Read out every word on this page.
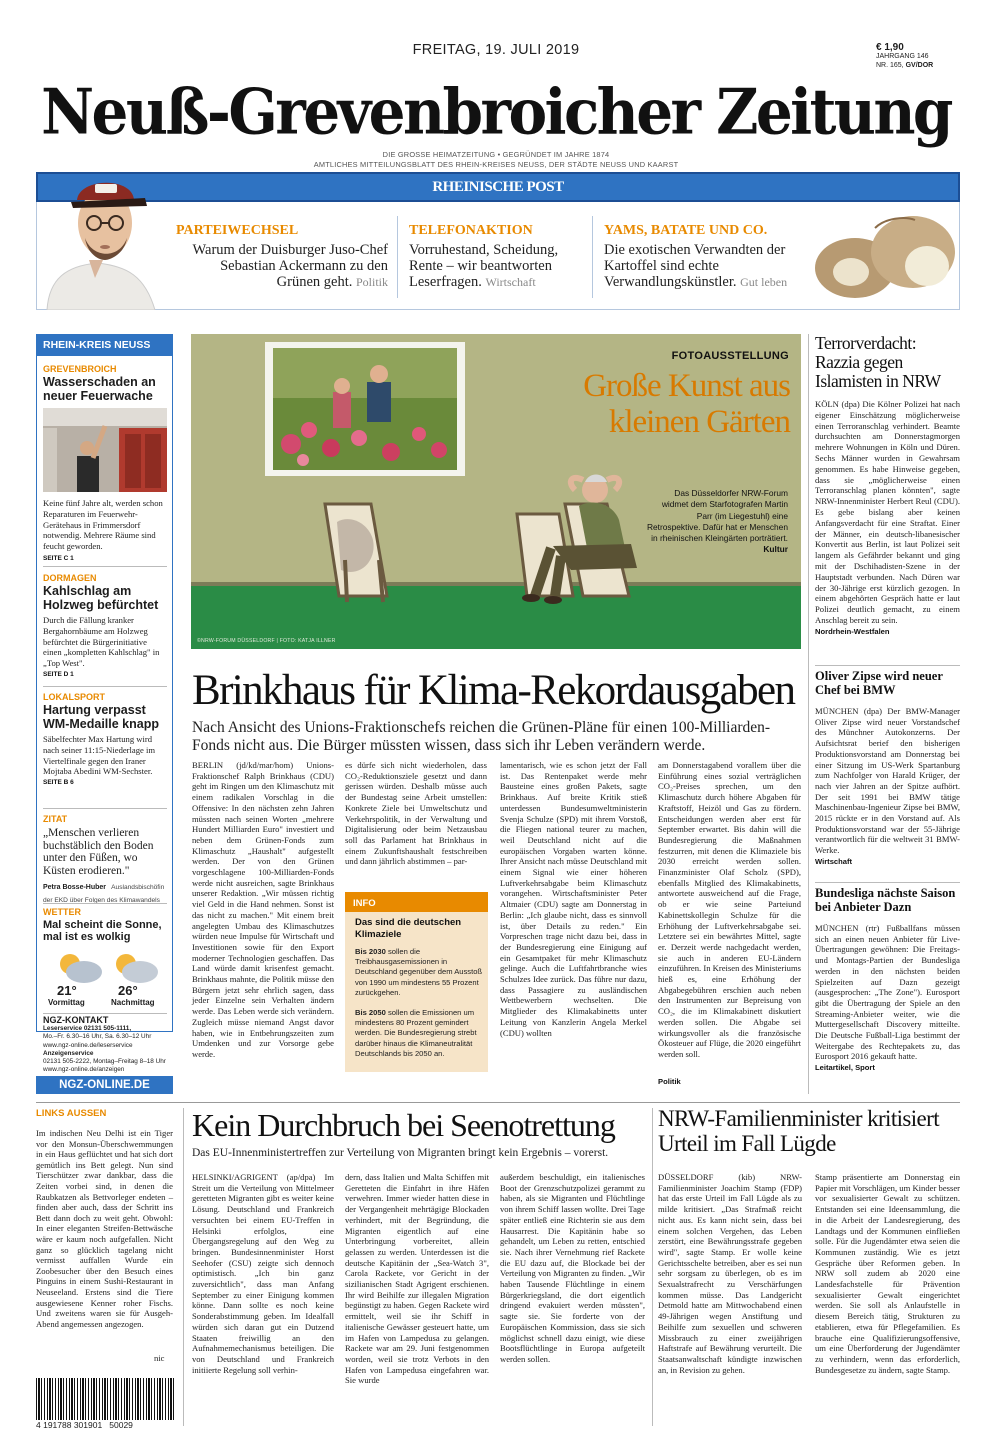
FREITAG, 19. JULI 2019	€ 1,90
JAHRGANG 146
NR. 165, GV/DOR
Neuß-Grevenbroicher Zeitung
DIE GROSSE HEIMATZEITUNG • GEGRÜNDET IM JAHRE 1874
AMTLICHES MITTEILUNGSBLATT DES RHEIN-KREISES NEUSS, DER STÄDTE NEUSS UND KAARST
RHEINISCHE POST
PARTEIWECHSEL
Warum der Duisburger Juso-Chef Sebastian Ackermann zu den Grünen geht. Politik
TELEFONAKTION
Vorruhestand, Scheidung, Rente – wir beantworten Leserfragen. Wirtschaft
YAMS, BATATE UND CO.
Die exotischen Verwandten der Kartoffel sind echte Verwandlungskünstler. Gut leben
RHEIN-KREIS NEUSS
GREVENBROICH
Wasserschaden an neuer Feuerwache
Keine fünf Jahre alt, werden schon Reparaturen im Feuerwehr-Gerätehaus in Frimmersdorf notwendig. Mehrere Räume sind feucht geworden.
SEITE C 1
DORMAGEN
Kahlschlag am Holzweg befürchtet
Durch die Fällung kranker Bergahornbäume am Holzweg befürchtet die Bürgerinitiative einen „kompletten Kahlschlag" in „Top West".
SEITE D 1
LOKALSPORT
Hartung verpasst WM-Medaille knapp
Säbelfechter Max Hartung wird nach seiner 11:15-Niederlage im Viertelfinale gegen den Iraner Mojtaba Abedini WM-Sechster.
SEITE B 6
ZITAT
„Menschen verlieren buchstäblich den Boden unter den Füßen, wo Küsten erodieren."
Petra Bosse-Huber Auslandsbischöfin der EKD über Folgen des Klimawandels
WETTER
Mal scheint die Sonne, mal ist es wolkig
21°	26°
Vormittag	Nachmittag
NGZ-KONTAKT
Leserservice 02131 505-1111,
Mo.–Fr. 6.30–16 Uhr, Sa. 6.30–12 Uhr
www.ngz-online.de/leserservice
Anzeigenservice
02131 505-2222, Montag–Freitag 8–18 Uhr
www.ngz-online.de/anzeigen
NGZ-ONLINE.DE
FOTOAUSSTELLUNG
Große Kunst aus
kleinen Gärten
Das Düsseldorfer NRW-Forum widmet dem Starfotografen Martin Parr (im Liegestuhl) eine Retrospektive. Dafür hat er Menschen in rheinischen Kleingärten porträtiert. Kultur
©NRW-FORUM DÜSSELDORF | FOTO: KATJA ILLNER
Brinkhaus für Klima-Rekordausgaben
Nach Ansicht des Unions-Fraktionschefs reichen die Grünen-Pläne für einen 100-Milliarden-Fonds nicht aus. Die Bürger müssten wissen, dass sich ihr Leben verändern werde.

BERLIN (jd/kd/mar/hom) Unions-Fraktionschef Ralph Brinkhaus (CDU) geht im Ringen um den Klimaschutz mit einem radikalen Vorschlag in die Offensive: In den nächsten zehn Jahren müssten nach seinen Worten „mehrere Hundert Milliarden Euro" investiert und neben dem Grünen-Fonds zum Klimaschutz „Haushalt" aufgestellt werden. Der von den Grünen vorgeschlagene 100-Milliarden-Fonds werde nicht ausreichen, sagte Brinkhaus unserer Redaktion. „Wir müssen richtig viel Geld in die Hand nehmen. Sonst ist das nicht zu machen." Mit einem breit angelegten Umbau des Klimaschutzes würden neue Impulse für Wirtschaft und Investitionen sowie für den Export moderner Technologien geschaffen. Das Land würde damit krisenfest gemacht. Brinkhaus mahnte, die Politik müsse den Bürgern jetzt sehr ehrlich sagen, dass jeder Einzelne sein Verhalten ändern werde. Das Leben werde sich verändern. Zugleich müsse niemand Angst davor haben, wie in Entbehrungszeiten zum Umdenken und zur Vorsorge gebe werde.

es dürfe sich nicht wiederholen, dass CO₂-Reduktionsziele gesetzt und dann gerissen würden. Deshalb müsse auch der Bundestag seine Arbeit umstellen: Konkrete Ziele bei Umweltschutz und Verkehrspolitik, in der Verwaltung und Digitalisierung oder beim Netzausbau soll das Parlament hat Brinkhaus in einem Zukunftshaushalt festschreiben und dann jährlich abstimmen – par-

INFO
Das sind die deutschen Klimaziele
Bis 2030 sollen die Treibhausgasemissionen in Deutschland gegenüber dem Ausstoß von 1990 um mindestens 55 Prozent zurückgehen.
Bis 2050 sollen die Emissionen um mindestens 80 Prozent gemindert werden. Die Bundesregierung strebt darüber hinaus die Klimaneutralität Deutschlands bis 2050 an.

lamentarisch, wie es schon jetzt der Fall ist. Das Rentenpaket werde mehr Bausteine eines großen Pakets, sagte Brinkhaus. Auf breite Kritik stieß unterdessen Bundesumweltministerin Svenja Schulze (SPD) mit ihrem Vorstoß, die Fliegen national teurer zu machen, weil Deutschland nicht auf die europäischen Vorgaben warten könne. Ihrer Ansicht nach müsse Deutschland mit einem Signal wie einer höheren Luftverkehrsabgabe beim Klimaschutz vorangehen. Wirtschaftsminister Peter Altmaier (CDU) sagte am Donnerstag in Berlin: „Ich glaube nicht, dass es sinnvoll ist, über Details zu reden." Ein Vorpreschen trage nicht dazu bei, dass in der Bundesregierung eine Einigung auf ein Gesamtpaket für mehr Klimaschutz gelinge. Auch die Luftfahrtbranche wies Schulzes Idee zurück. Das führe nur dazu, dass Passagiere zu ausländischen Wettbewerbern wechselten. Die Mitglieder des Klimakabinetts unter Leitung von Kanzlerin Angela Merkel (CDU) wollten

am Donnerstagabend vorallem über die Einführung eines sozial verträglichen CO₂-Preises sprechen, um den Klimaschutz durch höhere Abgaben für Kraftstoff, Heizöl und Gas zu fördern. Entscheidungen werden aber erst für September erwartet. Bis dahin will die Bundesregierung die Maßnahmen festzurren, mit denen die Klimaziele bis 2030 erreicht werden sollen. Finanzminister Olaf Scholz (SPD), ebenfalls Mitglied des Klimakabinetts, antwortete ausweichend auf die Frage, ob er wie seine Parteiund Kabinettskollegin Schulze für die Erhöhung der Luftverkehrsabgabe sei. Letztere sei ein bewährtes Mittel, sagte er. Derzeit werde nachgedacht werden, sie auch in anderen EU-Ländern einzuführen. In Kreisen des Ministeriums hieß es, eine Erhöhung der Abgabegebühren erschien auch neben den Instrumenten zur Bepreisung von CO₂, die im Klimakabinett diskutiert werden sollen. Die Abgabe sei wirkungsvoller als die französische Ökosteuer auf Flüge, die 2020 eingeführt werden soll.

Politik
Terrorverdacht: Razzia gegen Islamisten in NRW
KÖLN (dpa) Die Kölner Polizei hat nach eigener Einschätzung möglicherweise einen Terroranschlag verhindert. Beamte durchsuchten am Donnerstagmorgen mehrere Wohnungen in Köln und Düren. Sechs Männer wurden in Gewahrsam genommen. Es habe Hinweise gegeben, dass sie „möglicherweise einen Terroranschlag planen könnten", sagte NRW-Innenminister Herbert Reul (CDU). Es gebe bislang aber keinen Anfangsverdacht für eine Straftat. Einer der Männer, ein deutsch-libanesischer Konvertit aus Berlin, ist laut Polizei seit langem als Gefährder bekannt und ging mit der Dschihadisten-Szene in der Hauptstadt verbunden. Nach Düren war der 30-Jährige erst kürzlich gezogen. In einem abgehörten Gespräch hatte er laut Polizei deutlich gemacht, zu einem Anschlag bereit zu sein.
Nordrhein-Westfalen
Oliver Zipse wird neuer Chef bei BMW
MÜNCHEN (dpa) Der BMW-Manager Oliver Zipse wird neuer Vorstandschef des Münchner Autokonzerns. Der Aufsichtsrat berief den bisherigen Produktionsvorstand am Donnerstag bei einer Sitzung im US-Werk Spartanburg zum Nachfolger von Harald Krüger, der nach vier Jahren an der Spitze aufhört. Der seit 1991 bei BMW tätige Maschinenbau-Ingenieur Zipse bei BMW, 2015 rückte er in den Vorstand auf. Als Produktionsvorstand war der 55-Jährige verantwortlich für die weltweit 31 BMW-Werke.
Wirtschaft
Bundesliga nächste Saison bei Anbieter Dazn
MÜNCHEN (rtr) Fußballfans müssen sich an einen neuen Anbieter für Live-Übertragungen gewöhnen: Die Freitags- und Montags-Partien der Bundesliga werden in den nächsten beiden Spielzeiten auf Dazn gezeigt (ausgesprochen: „The Zone"). Eurosport gibt die Übertragung der Spiele an den Streaming-Anbieter weiter, wie die Muttergesellschaft Discovery mitteilte. Die Deutsche Fußball-Liga bestimmt der Weitergabe des Rechtepakets zu, das Eurosport 2016 gekauft hatte.
Leitartikel, Sport
LINKS AUSSEN
Im indischen Neu Delhi ist ein Tiger vor den Monsun-Überschwemmungen in ein Haus geflüchtet und hat sich dort gemütlich ins Bett gelegt. Nun sind Tierschützer zwar dankbar, dass die Zeiten vorbei sind, in denen die Raubkatzen als Bettvorleger endeten – finden aber auch, dass der Schritt ins Bett dann doch zu weit geht. Obwohl: In einer eleganten Streifen-Bettwäsche wäre er kaum noch aufgefallen. Nicht ganz so glücklich tagelang nicht vermisst auffallen Wurde ein Zoobesucher über den Besuch eines Pinguins in einem Sushi-Restaurant in Neuseeland. Erstens sind die Tiere ausgewiesene Kenner roher Fischs. Und zweitens waren sie für Ausgeh-Abend angemessen angezogen.
nic
4 191788 301901   50029
Kein Durchbruch bei Seenotrettung
Das EU-Innenministertreffen zur Verteilung von Migranten bringt kein Ergebnis – vorerst.

HELSINKI/AGRIGENT (ap/dpa) Im Streit um die Verteilung von Mittelmeer geretteten Migranten gibt es weiter keine Lösung. Deutschland und Frankreich versuchten bei einem EU-Treffen in Helsinki erfolglos, eine Übergangsregelung auf den Weg zu bringen. Bundesinnenminister Horst Seehofer (CSU) zeigte sich dennoch optimistisch. „Ich bin ganz zuversichtlich", dass man Anfang September zu einer Einigung kommen könne. Dann sollte es noch keine Sonderabstimmung geben. Im Idealfall würden sich daran gut ein Dutzend Staaten freiwillig an den Aufnahmemechanismus beteiligen. Die von Deutschland und Frankreich initiierte Regelung soll verhin-

dern, dass Italien und Malta Schiffen mit Geretteten die Einfahrt in ihre Häfen verwehren. Immer wieder hatten diese in der Vergangenheit mehrtägige Blockaden verhindert, mit der Begründung, die Migranten eigentlich auf eine Unterbringung vorbereitet, allein gelassen zu werden. Unterdessen ist die deutsche Kapitänin der „Sea-Watch 3", Carola Rackete, vor Gericht in der sizilianischen Stadt Agrigent erschienen. Ihr wird Beihilfe zur illegalen Migration begünstigt zu haben. Gegen Rackete wird ermittelt, weil sie ihr Schiff in italienische Gewässer gesteuert hatte, um im Hafen von Lampedusa zu gelangen. Rackete war am 29. Juni festgenommen worden, weil sie trotz Verbots in den Hafen von Lampedusa eingefahren war. Sie wurde

außerdem beschuldigt, ein italienisches Boot der Grenzschutzpolizei gerammt zu haben, als sie Migranten und Flüchtlinge von ihrem Schiff lassen wollte. Drei Tage später entließ eine Richterin sie aus dem Hausarrest. Die Kapitänin habe so gehandelt, um Leben zu retten, entschied sie. Nach ihrer Vernehmung rief Rackete die EU dazu auf, die Blockade bei der Verteilung von Migranten zu finden. „Wir haben Tausende Flüchtlinge in einem Bürgerkriegsland, die dort eigentlich dringend evakuiert werden müssten", sagte sie. Sie forderte von der Europäischen Kommission, dass sie sich möglichst schnell dazu einigt, wie diese Bootsflüchtlinge in Europa aufgeteilt werden sollen.

NRW-Familienminister kritisiert Urteil im Fall Lügde

DÜSSELDORF (kib) NRW-Familienminister Joachim Stamp (FDP) hat das erste Urteil im Fall Lügde als zu milde kritisiert. „Das Strafmaß reicht nicht aus. Es kann nicht sein, dass bei einem solchen Vergehen, das Leben zerstört, eine Bewährungsstrafe gegeben wird", sagte Stamp. Er wolle keine Gerichtsschelte betreiben, aber es sei nun sehr sorgsam zu überlegen, ob es im Sexualstrafrecht zu Verschärfungen kommen müsse. Das Landgericht Detmold hatte am Mittwochabend einen 49-Jährigen wegen Anstiftung und Beihilfe zum sexuellen und schweren Missbrauch zu einer zweijährigen Haftstrafe auf Bewährung verurteilt. Die Staatsanwaltschaft kündigte inzwischen an, in Revision zu gehen.

Stamp präsentierte am Donnerstag ein Papier mit Vorschlägen, um Kinder besser vor sexualisierter Gewalt zu schützen. Entstanden sei eine Ideensammlung, die in die Arbeit der Landesregierung, des Landtags und der Kommunen einfließen solle. Für die Jugendämter etwa seien die Kommunen zuständig. Wie es jetzt Gespräche über Reformen geben. In NRW soll zudem ab 2020 eine Landesfachstelle für Prävention sexualisierter Gewalt eingerichtet werden. Sie soll als Anlaufstelle in diesem Bereich tätig, Strukturen zu etablieren, etwa für Pflegefamilien. Es brauche eine Qualifizierungsoffensive, um eine Überforderung der Jugendämter zu verhindern, wenn das erforderlich, Bundesgesetze zu ändern, sagte Stamp.
